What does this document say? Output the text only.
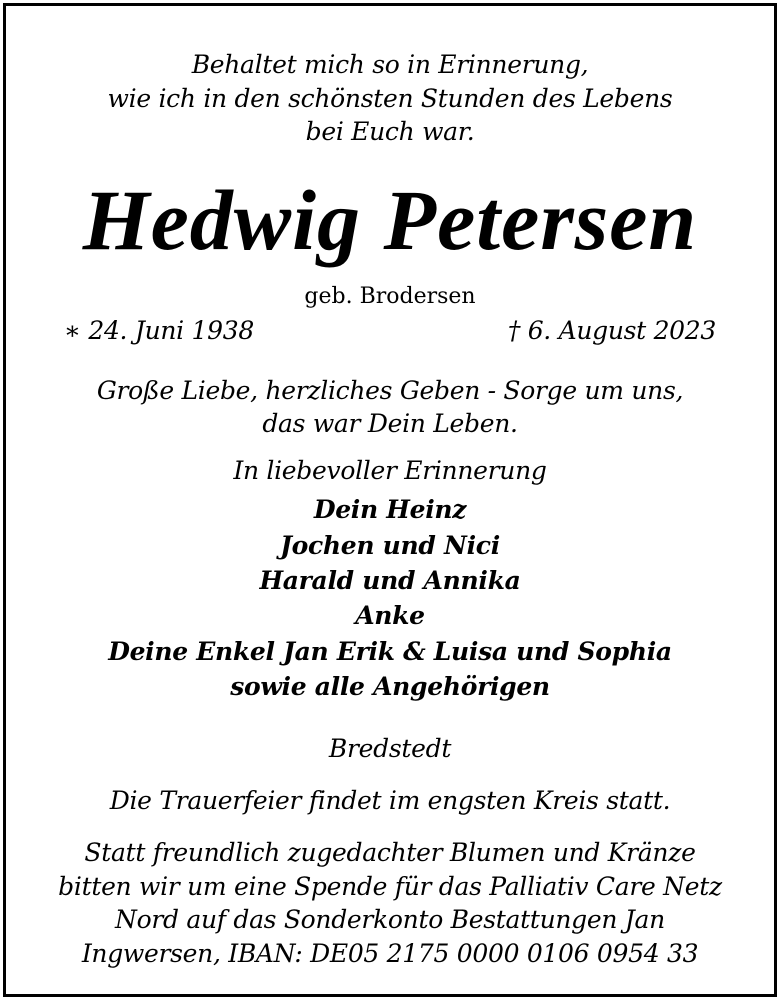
Behaltet mich so in Erinnerung,
wie ich in den schönsten Stunden des Lebens
bei Euch war.
Hedwig Petersen
geb. Brodersen
∗ 24. Juni 1938	† 6. August 2023
Große Liebe, herzliches Geben - Sorge um uns,
das war Dein Leben.
In liebevoller Erinnerung
Dein Heinz
Jochen und Nici
Harald und Annika
Anke
Deine Enkel Jan Erik & Luisa und Sophia
sowie alle Angehörigen
Bredstedt
Die Trauerfeier findet im engsten Kreis statt.
Statt freundlich zugedachter Blumen und Kränze
bitten wir um eine Spende für das Palliativ Care Netz
Nord auf das Sonderkonto Bestattungen Jan
Ingwersen, IBAN: DE05 2175 0000 0106 0954 33
